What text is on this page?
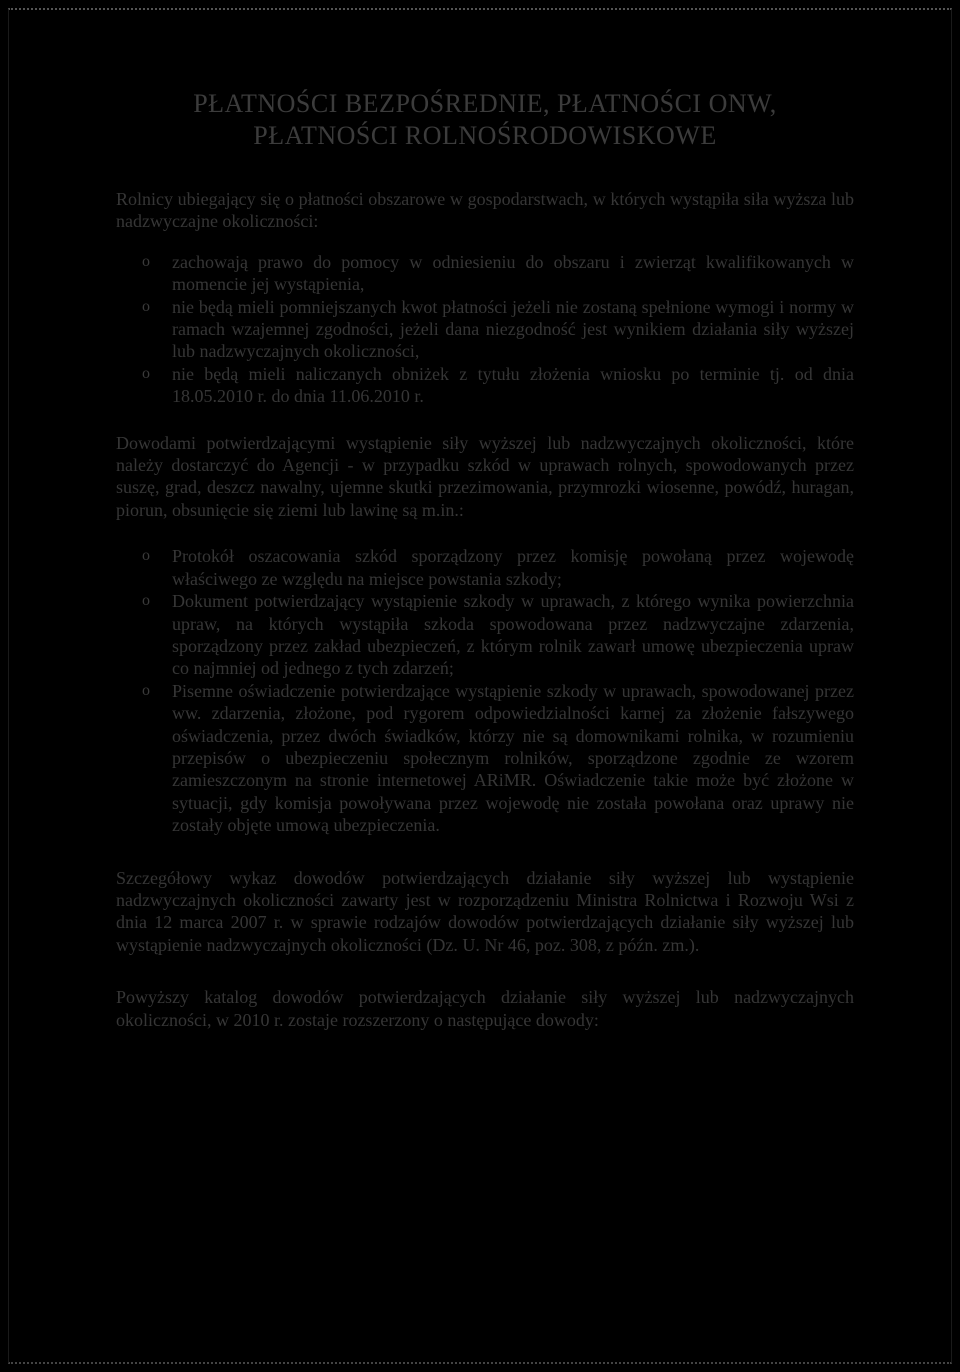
PŁATNOŚCI BEZPOŚREDNIE, PŁATNOŚCI ONW,
PŁATNOŚCI ROLNOŚRODOWISKOWE

Rolnicy ubiegający się o płatności obszarowe w gospodarstwach, w których wystąpiła siła wyższa lub nadzwyczajne okoliczności:

o zachowają prawo do pomocy w odniesieniu do obszaru i zwierząt kwalifikowanych w momencie jej wystąpienia,
o nie będą mieli pomniejszanych kwot płatności jeżeli nie zostaną spełnione wymogi i normy w ramach wzajemnej zgodności, jeżeli dana niezgodność jest wynikiem działania siły wyższej lub nadzwyczajnych okoliczności,
o nie będą mieli naliczanych obniżek z tytułu złożenia wniosku po terminie tj. od dnia 18.05.2010 r. do dnia 11.06.2010 r.

Dowodami potwierdzającymi wystąpienie siły wyższej lub nadzwyczajnych okoliczności, które należy dostarczyć do Agencji - w przypadku szkód w uprawach rolnych, spowodowanych przez suszę, grad, deszcz nawalny, ujemne skutki przezimowania, przymrozki wiosenne, powódź, huragan, piorun, obsunięcie się ziemi lub lawinę są m.in.:

o Protokół oszacowania szkód sporządzony przez komisję powołaną przez wojewodę właściwego ze względu na miejsce powstania szkody;
o Dokument potwierdzający wystąpienie szkody w uprawach, z którego wynika powierzchnia upraw, na których wystąpiła szkoda spowodowana przez nadzwyczajne zdarzenia, sporządzony przez zakład ubezpieczeń, z którym rolnik zawarł umowę ubezpieczenia upraw co najmniej od jednego z tych zdarzeń;
o Pisemne oświadczenie potwierdzające wystąpienie szkody w uprawach, spowodowanej przez ww. zdarzenia, złożone, pod rygorem odpowiedzialności karnej za złożenie fałszywego oświadczenia, przez dwóch świadków, którzy nie są domownikami rolnika, w rozumieniu przepisów o ubezpieczeniu społecznym rolników, sporządzone zgodnie ze wzorem zamieszczonym na stronie internetowej ARiMR. Oświadczenie takie może być złożone w sytuacji, gdy komisja powoływana przez wojewodę nie została powołana oraz uprawy nie zostały objęte umową ubezpieczenia.

Szczegółowy wykaz dowodów potwierdzających działanie siły wyższej lub wystąpienie nadzwyczajnych okoliczności zawarty jest w rozporządzeniu Ministra Rolnictwa i Rozwoju Wsi z dnia 12 marca 2007 r. w sprawie rodzajów dowodów potwierdzających działanie siły wyższej lub wystąpienie nadzwyczajnych okoliczności (Dz. U. Nr 46, poz. 308, z późn. zm.).

Powyższy katalog dowodów potwierdzających działanie siły wyższej lub nadzwyczajnych okoliczności, w 2010 r. zostaje rozszerzony o następujące dowody:
